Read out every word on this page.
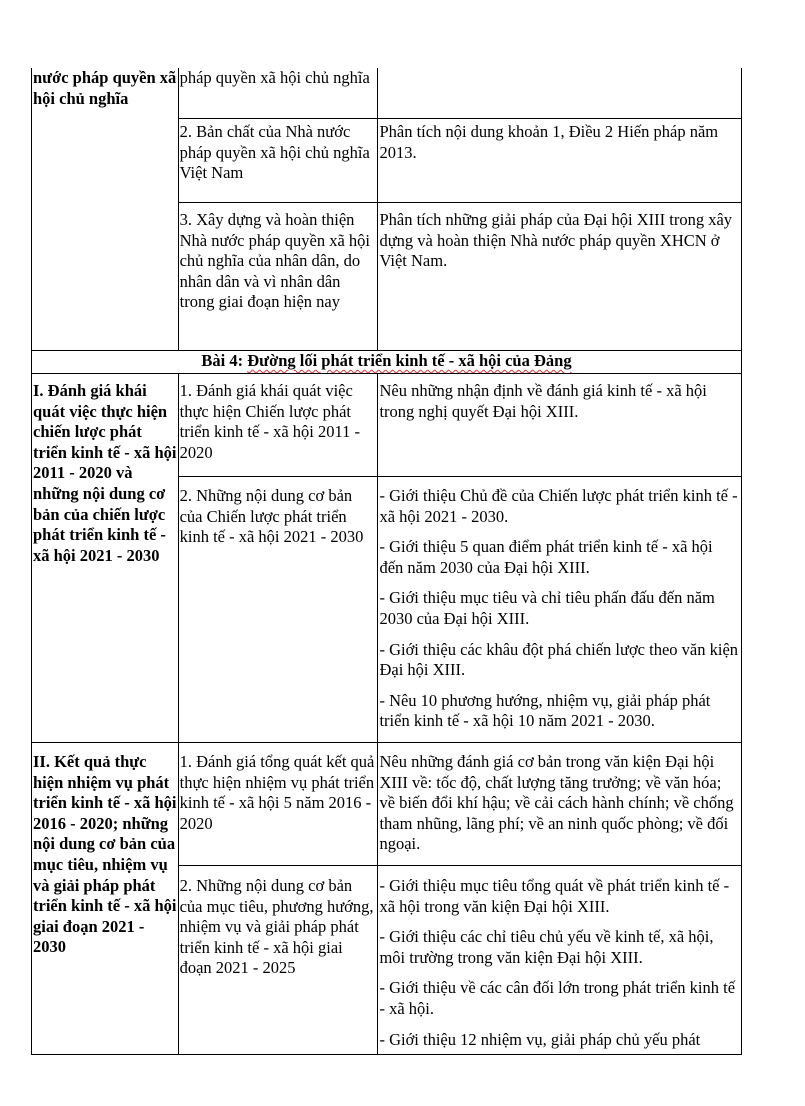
nước pháp quyền xã hội chủ nghĩa	pháp quyền xã hội chủ nghĩa	
	2. Bản chất của Nhà nước pháp quyền xã hội chủ nghĩa Việt Nam	Phân tích nội dung khoản 1, Điều 2 Hiến pháp năm 2013.
	3. Xây dựng và hoàn thiện Nhà nước pháp quyền xã hội chủ nghĩa của nhân dân, do nhân dân và vì nhân dân trong giai đoạn hiện nay	Phân tích những giải pháp của Đại hội XIII trong xây dựng và hoàn thiện Nhà nước pháp quyền XHCN ở Việt Nam.
Bài 4: Đường lối phát triển kinh tế - xã hội của Đảng		
I. Đánh giá khái quát việc thực hiện chiến lược phát triển kinh tế - xã hội 2011 - 2020 và những nội dung cơ bản của chiến lược phát triển kinh tế - xã hội 2021 - 2030	1. Đánh giá khái quát việc thực hiện Chiến lược phát triển kinh tế - xã hội 2011 - 2020	Nêu những nhận định về đánh giá kinh tế - xã hội trong nghị quyết Đại hội XIII.
	2. Những nội dung cơ bản của Chiến lược phát triển kinh tế - xã hội 2021 - 2030	- Giới thiệu Chủ đề của Chiến lược phát triển kinh tế - xã hội 2021 - 2030.
- Giới thiệu 5 quan điểm phát triển kinh tế - xã hội đến năm 2030 của Đại hội XIII.
- Giới thiệu mục tiêu và chỉ tiêu phấn đấu đến năm 2030 của Đại hội XIII.
- Giới thiệu các khâu đột phá chiến lược theo văn kiện Đại hội XIII.
- Nêu 10 phương hướng, nhiệm vụ, giải pháp phát triển kinh tế - xã hội 10 năm 2021 - 2030.

II. Kết quả thực hiện nhiệm vụ phát triển kinh tế - xã hội 2016 - 2020; những nội dung cơ bản của mục tiêu, nhiệm vụ và giải pháp phát triển kinh tế - xã hội giai đoạn 2021 - 2030	1. Đánh giá tổng quát kết quả thực hiện nhiệm vụ phát triển kinh tế - xã hội 5 năm 2016 - 2020	Nêu những đánh giá cơ bản trong văn kiện Đại hội XIII về: tốc độ, chất lượng tăng trưởng; về văn hóa; về biến đổi khí hậu; về cải cách hành chính; về chống tham nhũng, lãng phí; về an ninh quốc phòng; về đối ngoại.
	2. Những nội dung cơ bản của mục tiêu, phương hướng, nhiệm vụ và giải pháp phát triển kinh tế - xã hội giai đoạn 2021 - 2025	- Giới thiệu mục tiêu tổng quát về phát triển kinh tế - xã hội trong văn kiện Đại hội XIII.
- Giới thiệu các chỉ tiêu chủ yếu về kinh tế, xã hội, môi trường trong văn kiện Đại hội XIII.
- Giới thiệu về các cân đối lớn trong phát triển kinh tế - xã hội.
- Giới thiệu 12 nhiệm vụ, giải pháp chủ yếu phát
